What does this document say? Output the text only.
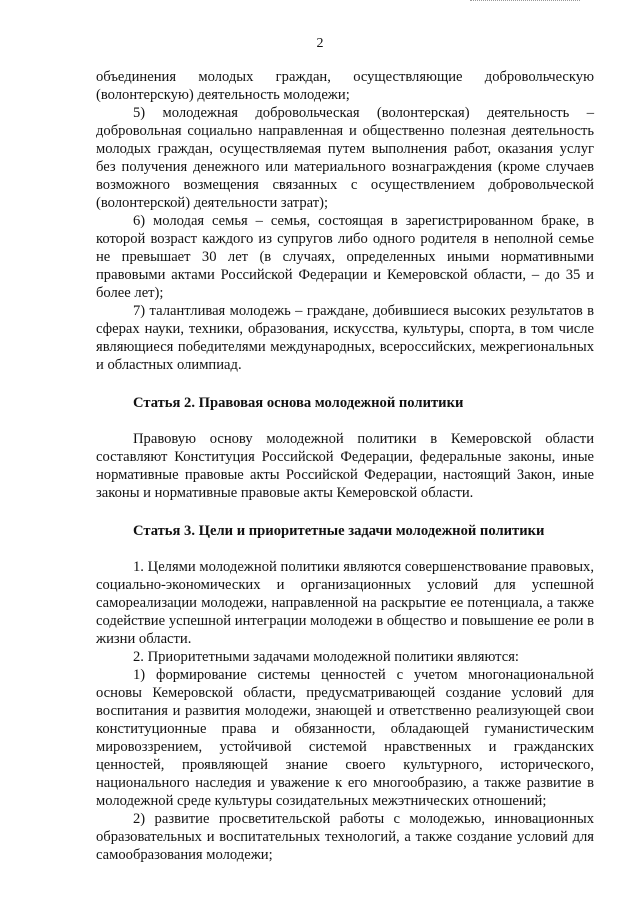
2

объединения молодых граждан, осуществляющие добровольческую (волонтерскую) деятельность молодежи;

5) молодежная добровольческая (волонтерская) деятельность – добровольная социально направленная и общественно полезная деятельность молодых граждан, осуществляемая путем выполнения работ, оказания услуг без получения денежного или материального вознаграждения (кроме случаев возможного возмещения связанных с осуществлением добровольческой (волонтерской) деятельности затрат);

6) молодая семья – семья, состоящая в зарегистрированном браке, в которой возраст каждого из супругов либо одного родителя в неполной семье не превышает 30 лет (в случаях, определенных иными нормативными правовыми актами Российской Федерации и Кемеровской области, – до 35 и более лет);

7) талантливая молодежь – граждане, добившиеся высоких результатов в сферах науки, техники, образования, искусства, культуры, спорта, в том числе являющиеся победителями международных, всероссийских, межрегиональных и областных олимпиад.

Статья 2. Правовая основа молодежной политики

Правовую основу молодежной политики в Кемеровской области составляют Конституция Российской Федерации, федеральные законы, иные нормативные правовые акты Российской Федерации, настоящий Закон, иные законы и нормативные правовые акты Кемеровской области.

Статья 3. Цели и приоритетные задачи молодежной политики

1. Целями молодежной политики являются совершенствование правовых, социально-экономических и организационных условий для успешной самореализации молодежи, направленной на раскрытие ее потенциала, а также содействие успешной интеграции молодежи в общество и повышение ее роли в жизни области.

2. Приоритетными задачами молодежной политики являются:

1) формирование системы ценностей с учетом многонациональной основы Кемеровской области, предусматривающей создание условий для воспитания и развития молодежи, знающей и ответственно реализующей свои конституционные права и обязанности, обладающей гуманистическим мировоззрением, устойчивой системой нравственных и гражданских ценностей, проявляющей знание своего культурного, исторического, национального наследия и уважение к его многообразию, а также развитие в молодежной среде культуры созидательных межэтнических отношений;

2) развитие просветительской работы с молодежью, инновационных образовательных и воспитательных технологий, а также создание условий для самообразования молодежи;
